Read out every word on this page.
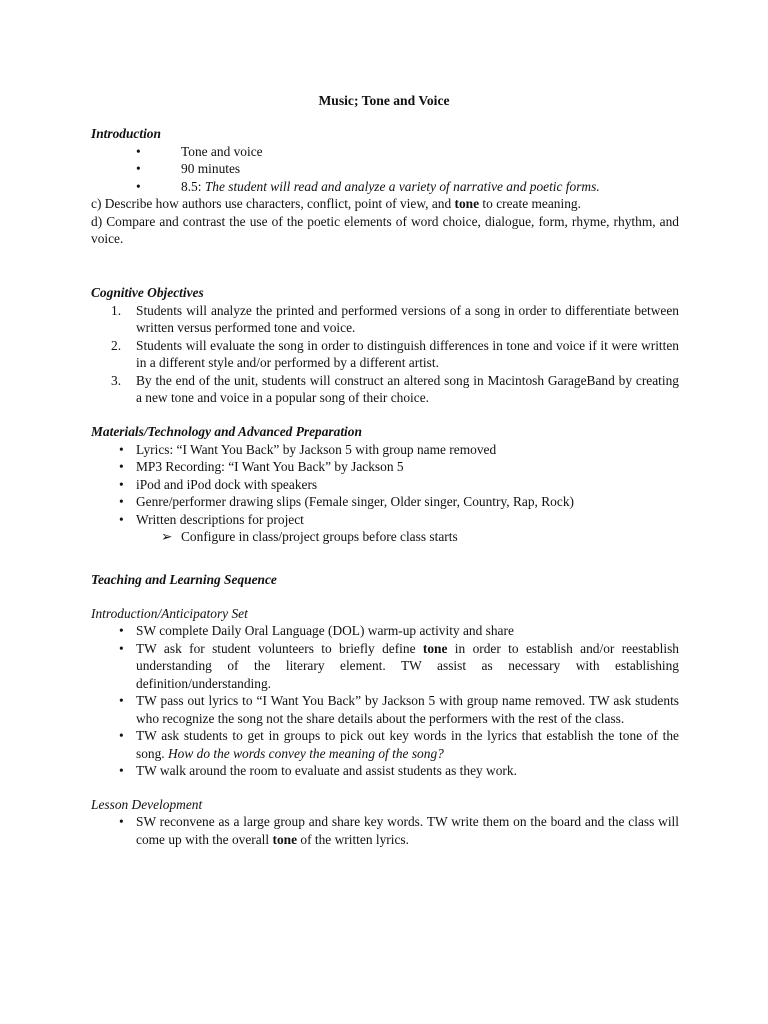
Music; Tone and Voice

Introduction

•	Tone and voice
•	90 minutes
•	8.5: The student will read and analyze a variety of narrative and poetic forms.

c) Describe how authors use characters, conflict, point of view, and tone to create meaning.

d) Compare and contrast the use of the poetic elements of word choice, dialogue, form, rhyme, rhythm, and voice.

Cognitive Objectives

1. Students will analyze the printed and performed versions of a song in order to differentiate between written versus performed tone and voice.
2. Students will evaluate the song in order to distinguish differences in tone and voice if it were written in a different style and/or performed by a different artist.
3. By the end of the unit, students will construct an altered song in Macintosh GarageBand by creating a new tone and voice in a popular song of their choice.

Materials/Technology and Advanced Preparation

• Lyrics: “I Want You Back” by Jackson 5 with group name removed
• MP3 Recording: “I Want You Back” by Jackson 5
• iPod and iPod dock with speakers
• Genre/performer drawing slips (Female singer, Older singer, Country, Rap, Rock)
• Written descriptions for project
➢ Configure in class/project groups before class starts

Teaching and Learning Sequence

Introduction/Anticipatory Set

• SW complete Daily Oral Language (DOL) warm-up activity and share
• TW ask for student volunteers to briefly define tone in order to establish and/or reestablish understanding of the literary element. TW assist as necessary with establishing definition/understanding.
• TW pass out lyrics to “I Want You Back” by Jackson 5 with group name removed. TW ask students who recognize the song not the share details about the performers with the rest of the class.
• TW ask students to get in groups to pick out key words in the lyrics that establish the tone of the song. How do the words convey the meaning of the song?
• TW walk around the room to evaluate and assist students as they work.

Lesson Development

• SW reconvene as a large group and share key words. TW write them on the board and the class will come up with the overall tone of the written lyrics.
